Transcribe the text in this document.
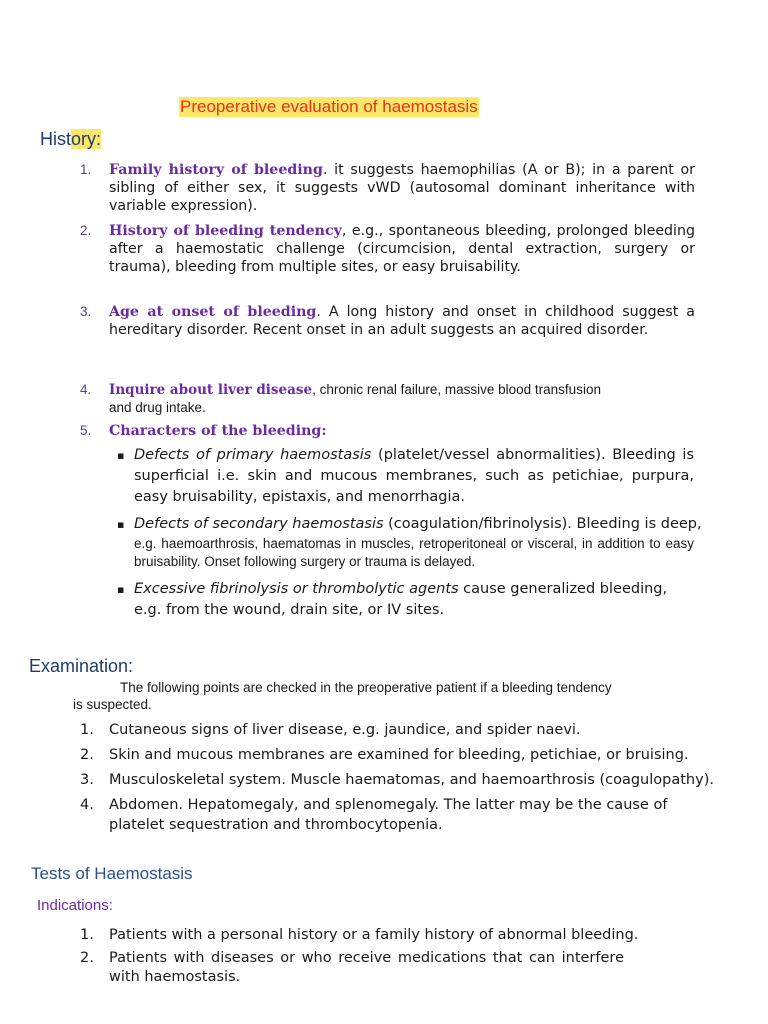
Preoperative evaluation of haemostasis
History:
1. Family history of bleeding. it suggests haemophilias (A or B); in a parent or sibling of either sex, it suggests vWD (autosomal dominant inheritance with variable expression).
2. History of bleeding tendency, e.g., spontaneous bleeding, prolonged bleeding after a haemostatic challenge (circumcision, dental extraction, surgery or trauma), bleeding from multiple sites, or easy bruisability.
3. Age at onset of bleeding. A long history and onset in childhood suggest a hereditary disorder. Recent onset in an adult suggests an acquired disorder.
4. Inquire about liver disease, chronic renal failure, massive blood transfusion and drug intake.
5. Characters of the bleeding:
▪ Defects of primary haemostasis (platelet/vessel abnormalities). Bleeding is superficial i.e. skin and mucous membranes, such as petichiae, purpura, easy bruisability, epistaxis, and menorrhagia.
▪ Defects of secondary haemostasis (coagulation/fibrinolysis). Bleeding is deep,
e.g. haemoarthrosis, haematomas in muscles, retroperitoneal or visceral, in addition to easy bruisability. Onset following surgery or trauma is delayed.
▪ Excessive fibrinolysis or thrombolytic agents cause generalized bleeding, e.g. from the wound, drain site, or IV sites.
Examination:
The following points are checked in the preoperative patient if a bleeding tendency
is suspected.
1. Cutaneous signs of liver disease, e.g. jaundice, and spider naevi.
2. Skin and mucous membranes are examined for bleeding, petichiae, or bruising.
3. Musculoskeletal system. Muscle haematomas, and haemoarthrosis (coagulopathy).
4. Abdomen. Hepatomegaly, and splenomegaly. The latter may be the cause of platelet sequestration and thrombocytopenia.
Tests of Haemostasis
Indications:
1. Patients with a personal history or a family history of abnormal bleeding.
2. Patients with diseases or who receive medications that can interfere with haemostasis.
